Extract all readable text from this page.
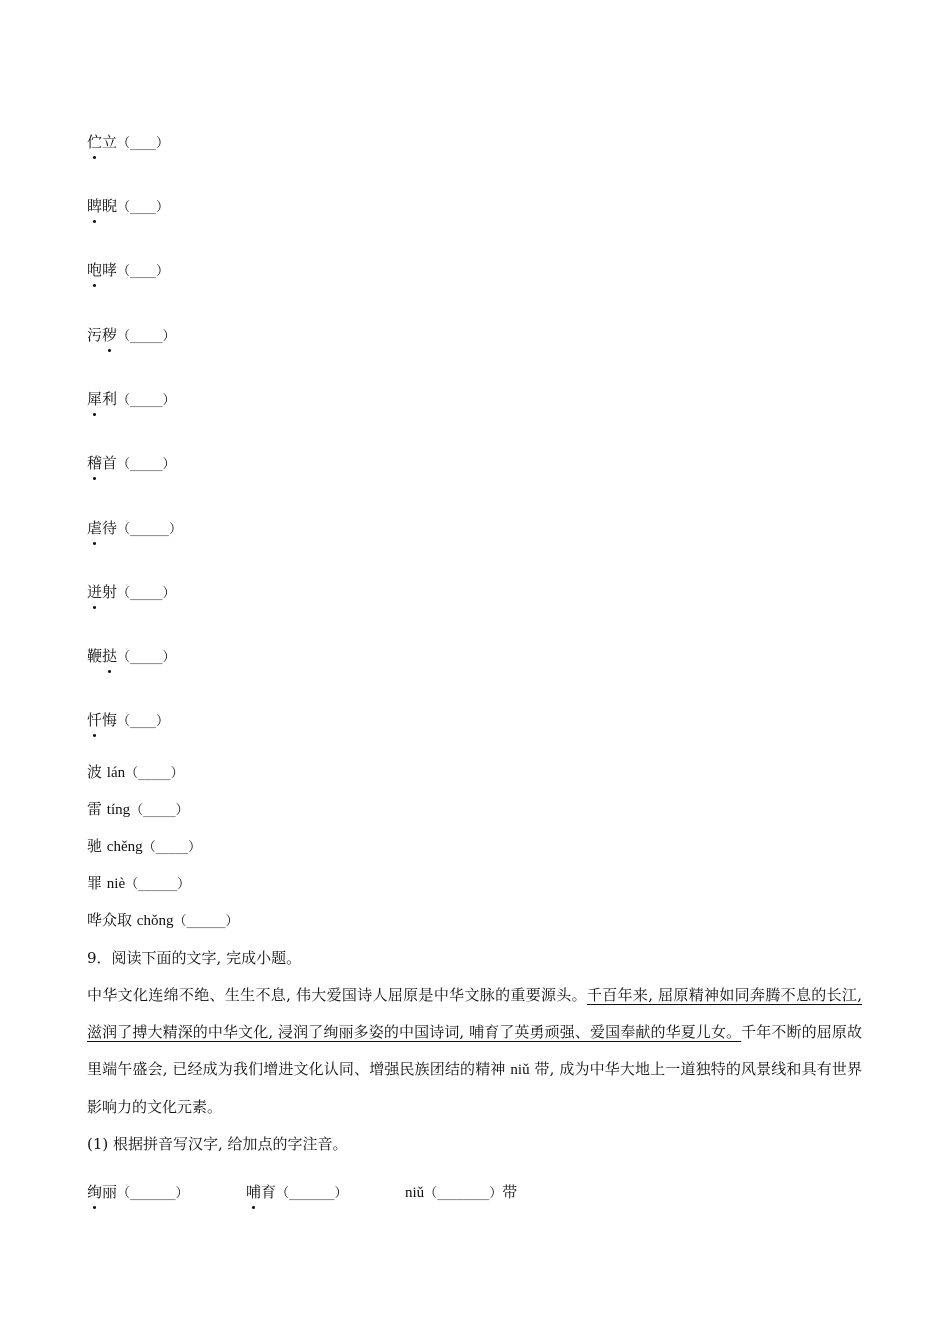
伫立（____）
睥睨（____）
咆哮（____）
污秽（_____）
犀利（_____）
稽首（_____）
虐待（______）
迸射（_____）
鞭挞（_____）
忏悔（____）
波 lán（_____）
雷 tíng（_____）
驰 chěng（_____）
罪 niè（______）
哗众取 chǒng（______）
9．阅读下面的文字, 完成小题。
中华文化连绵不绝、生生不息, 伟大爱国诗人屈原是中华文脉的重要源头。千百年来, 屈原精神如同奔腾不息的长江, 滋润了搏大精深的中华文化, 浸润了绚丽多姿的中国诗词, 哺育了英勇顽强、爱国奉献的华夏儿女。千年不断的屈原故里端午盛会, 已经成为我们增进文化认同、增强民族团结的精神 niǔ 带, 成为中华大地上一道独特的风景线和具有世界影响力的文化元素。
(1) 根据拼音写汉字, 给加点的字注音。
绚丽（_______）	哺育（_______）	niǔ（________）带
